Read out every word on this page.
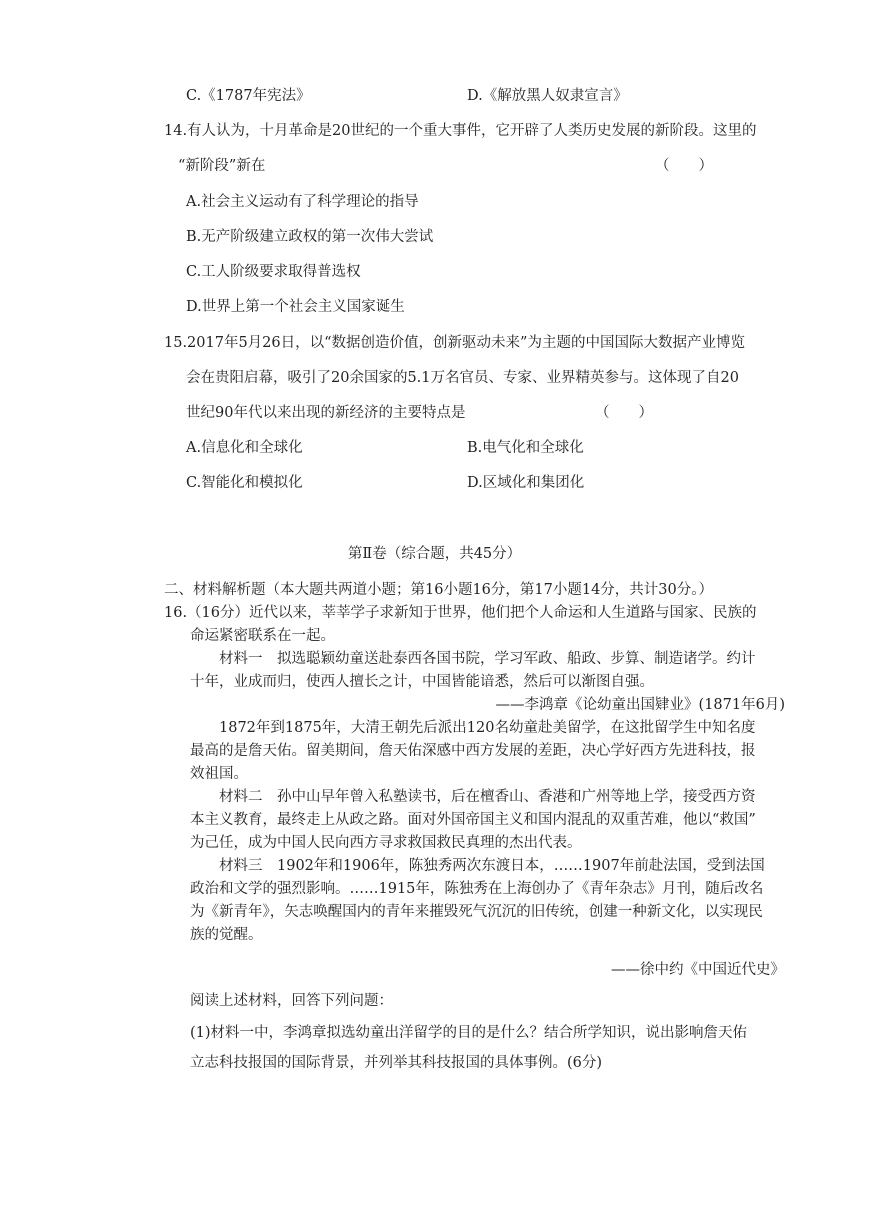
C.《1787年宪法》	D.《解放黑人奴隶宣言》
14.有人认为，十月革命是20世纪的一个重大事件，它开辟了人类历史发展的新阶段。这里的
“新阶段”新在	（　　）
A.社会主义运动有了科学理论的指导
B.无产阶级建立政权的第一次伟大尝试
C.工人阶级要求取得普选权
D.世界上第一个社会主义国家诞生
15.2017年5月26日，以“数据创造价值，创新驱动未来”为主题的中国国际大数据产业博览
会在贵阳启幕，吸引了20余国家的5.1万名官员、专家、业界精英参与。这体现了自20
世纪90年代以来出现的新经济的主要特点是	（　　）
A.信息化和全球化	B.电气化和全球化
C.智能化和模拟化	D.区域化和集团化
第Ⅱ卷（综合题，共45分）
二、材料解析题（本大题共两道小题；第16小题16分，第17小题14分，共计30分。）
16.（16分）近代以来，莘莘学子求新知于世界，他们把个人命运和人生道路与国家、民族的
命运紧密联系在一起。
材料一　拟选聪颖幼童送赴泰西各国书院，学习军政、船政、步算、制造诸学。约计
十年，业成而归，使西人擅长之计，中国皆能谙悉，然后可以渐图自强。
——李鸿章《论幼童出国肄业》(1871年6月)
1872年到1875年，大清王朝先后派出120名幼童赴美留学，在这批留学生中知名度
最高的是詹天佑。留美期间，詹天佑深感中西方发展的差距，决心学好西方先进科技，报
效祖国。
材料二　孙中山早年曾入私塾读书，后在檀香山、香港和广州等地上学，接受西方资
本主义教育，最终走上从政之路。面对外国帝国主义和国内混乱的双重苦难，他以“救国”
为己任，成为中国人民向西方寻求救国救民真理的杰出代表。
材料三　1902年和1906年，陈独秀两次东渡日本，……1907年前赴法国，受到法国
政治和文学的强烈影响。……1915年，陈独秀在上海创办了《青年杂志》月刊，随后改名
为《新青年》，矢志唤醒国内的青年来摧毁死气沉沉的旧传统，创建一种新文化，以实现民
族的觉醒。
——徐中约《中国近代史》
阅读上述材料，回答下列问题：
(1)材料一中，李鸿章拟选幼童出洋留学的目的是什么？结合所学知识，说出影响詹天佑
立志科技报国的国际背景，并列举其科技报国的具体事例。(6分)
